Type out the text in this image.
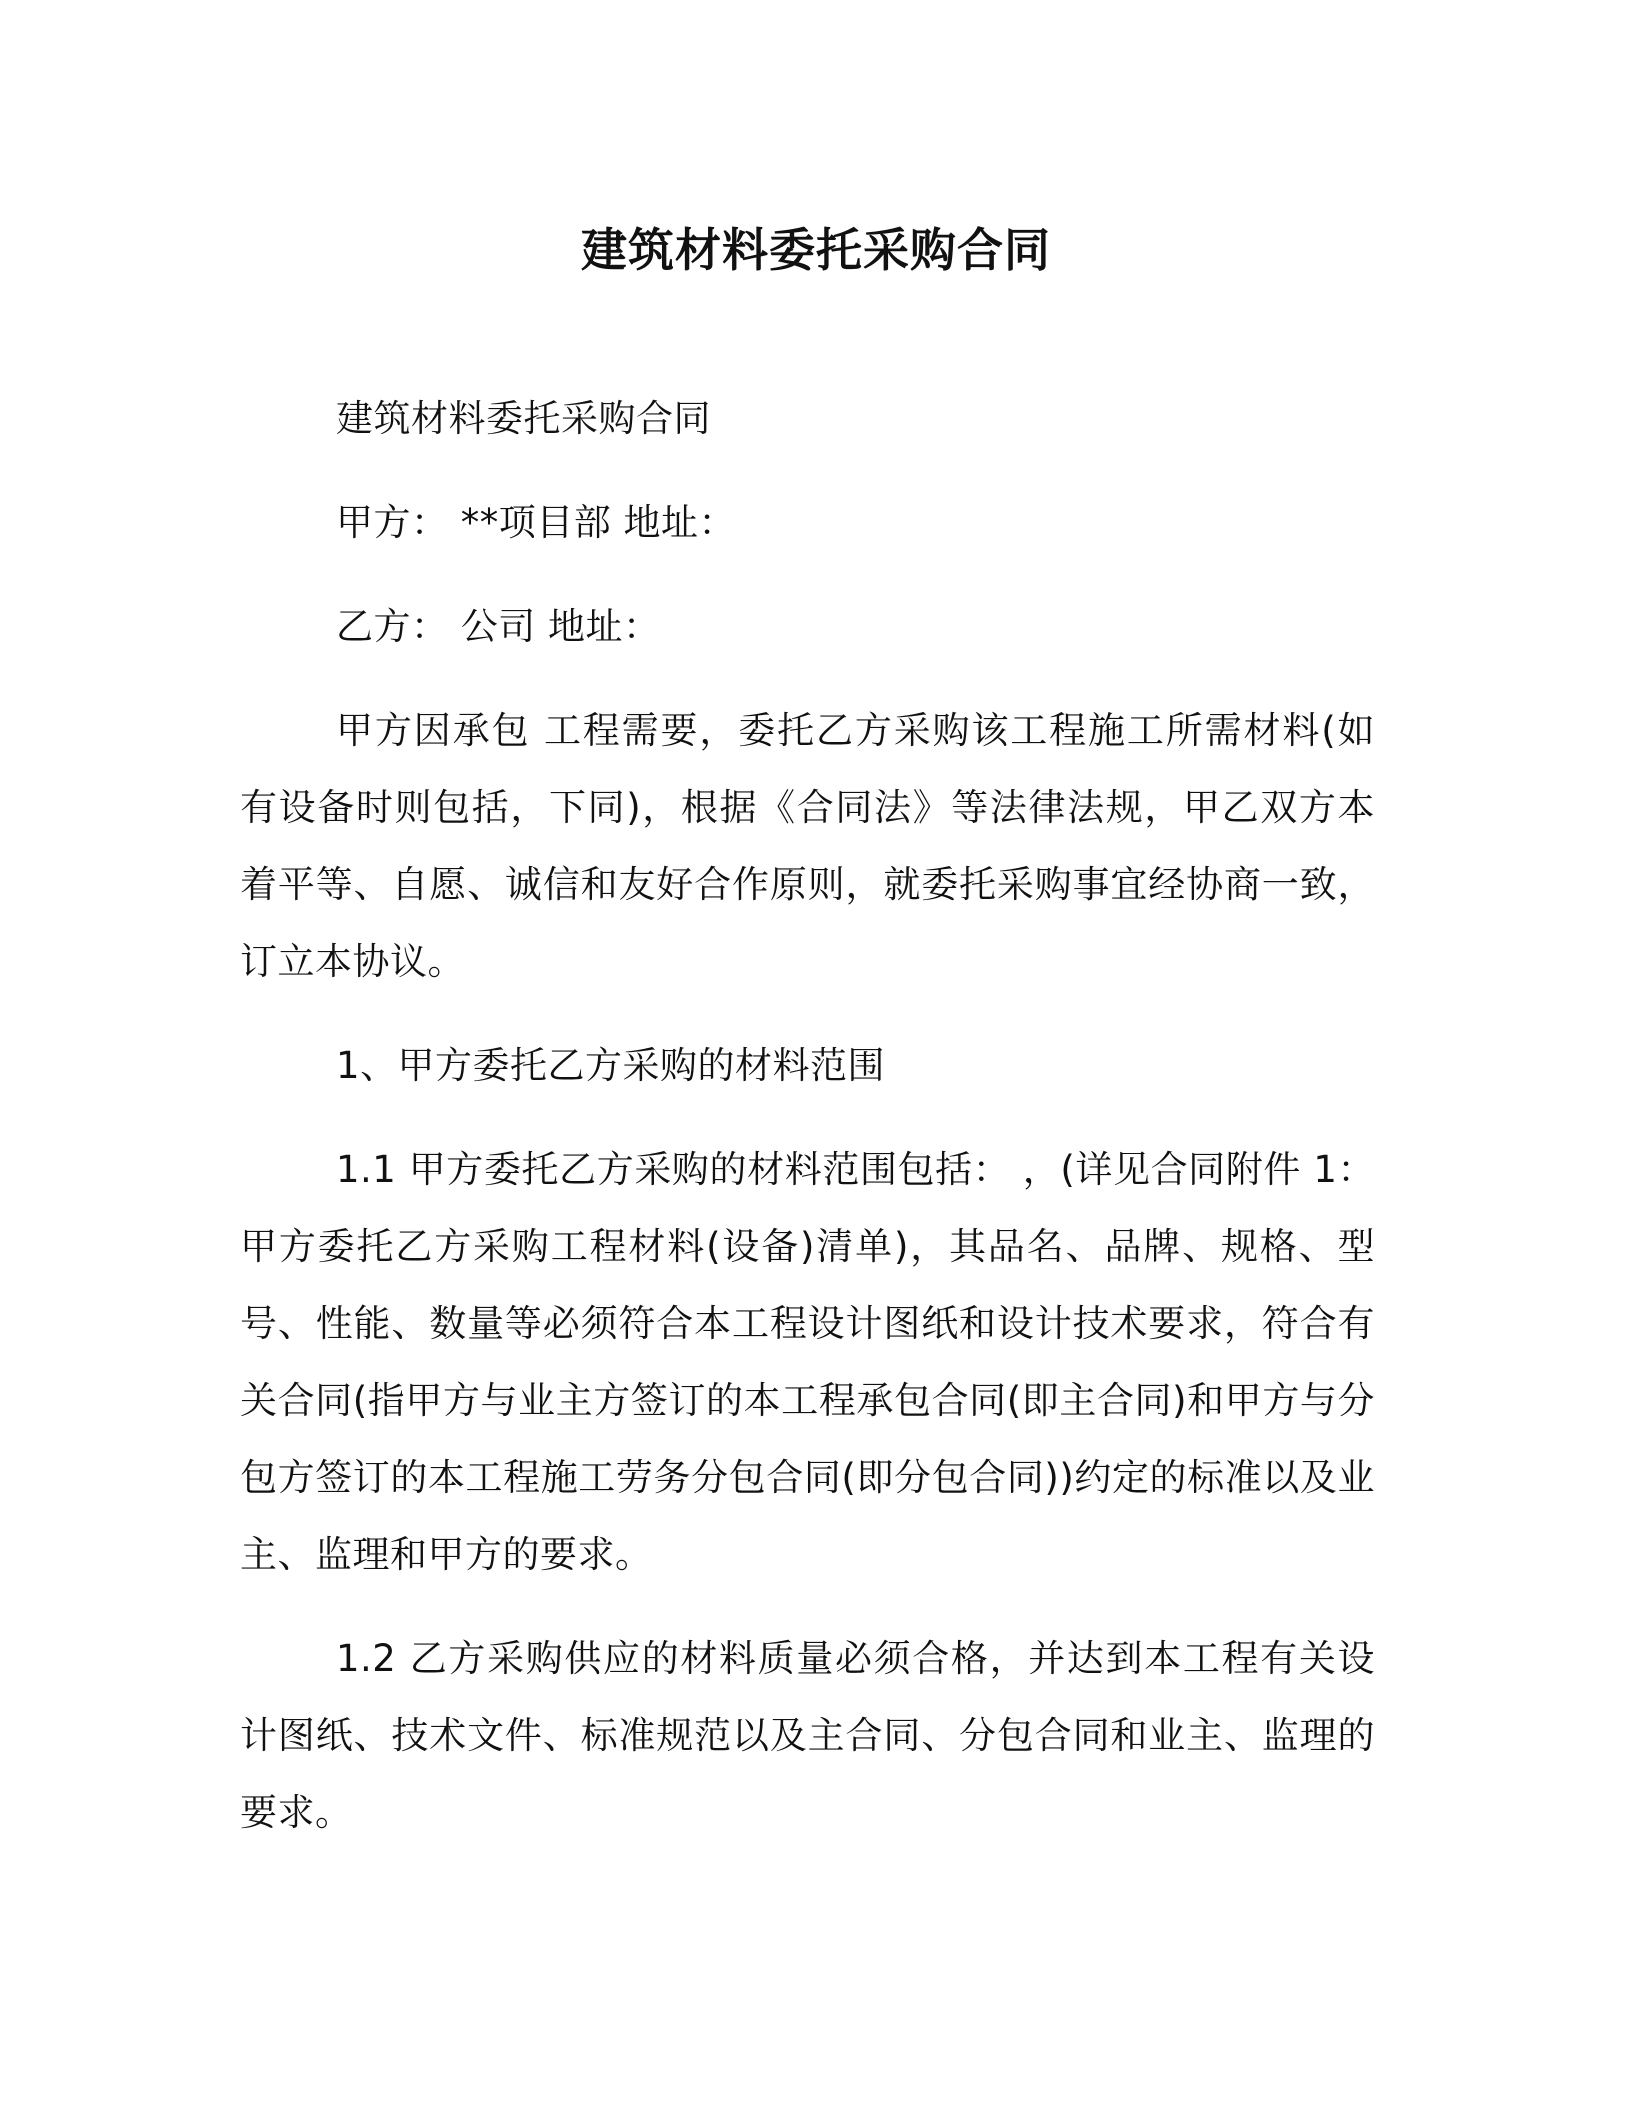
建筑材料委托采购合同

建筑材料委托采购合同

甲方： **项目部 地址：

乙方： 公司 地址：

甲方因承包 工程需要，委托乙方采购该工程施工所需材料(如有设备时则包括，下同)，根据《合同法》等法律法规，甲乙双方本着平等、自愿、诚信和友好合作原则，就委托采购事宜经协商一致，订立本协议。

1、甲方委托乙方采购的材料范围

1.1 甲方委托乙方采购的材料范围包括： ，(详见合同附件 1：甲方委托乙方采购工程材料(设备)清单)，其品名、品牌、规格、型号、性能、数量等必须符合本工程设计图纸和设计技术要求，符合有关合同(指甲方与业主方签订的本工程承包合同(即主合同)和甲方与分包方签订的本工程施工劳务分包合同(即分包合同))约定的标准以及业主、监理和甲方的要求。

1.2 乙方采购供应的材料质量必须合格，并达到本工程有关设计图纸、技术文件、标准规范以及主合同、分包合同和业主、监理的要求。
